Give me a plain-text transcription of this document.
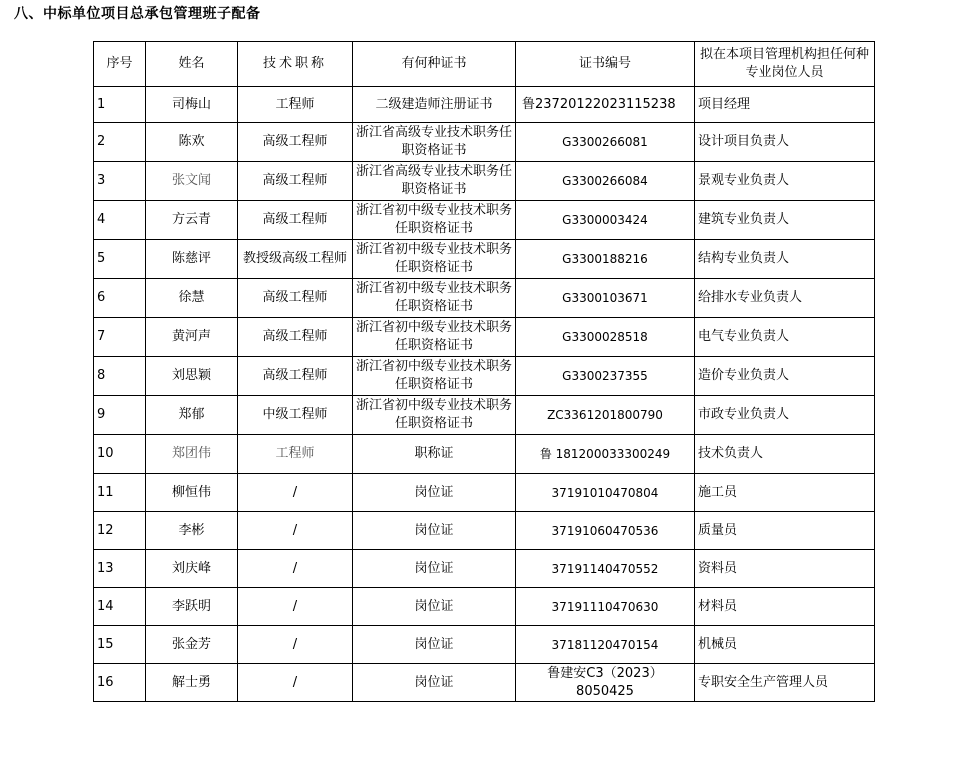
八、中标单位项目总承包管理班子配备
序号	姓名	技术职称	有何种证书	证书编号	拟在本项目管理机构担任何种专业岗位人员
1	司梅山	工程师	二级建造师注册证书	鲁23720122023115238	项目经理
2	陈欢	高级工程师	浙江省高级专业技术职务任职资格证书	G3300266081	设计项目负责人
3	张文闻	高级工程师	浙江省高级专业技术职务任职资格证书	G3300266084	景观专业负责人
4	方云青	高级工程师	浙江省初中级专业技术职务任职资格证书	G3300003424	建筑专业负责人
5	陈慈评	教授级高级工程师	浙江省初中级专业技术职务任职资格证书	G3300188216	结构专业负责人
6	徐慧	高级工程师	浙江省初中级专业技术职务任职资格证书	G3300103671	给排水专业负责人
7	黄河声	高级工程师	浙江省初中级专业技术职务任职资格证书	G3300028518	电气专业负责人
8	刘思颖	高级工程师	浙江省初中级专业技术职务任职资格证书	G3300237355	造价专业负责人
9	郑郁	中级工程师	浙江省初中级专业技术职务任职资格证书	ZC3361201800790	市政专业负责人
10	郑团伟	工程师	职称证	鲁 181200033300249	技术负责人
11	柳恒伟	/	岗位证	37191010470804	施工员
12	李彬	/	岗位证	37191060470536	质量员
13	刘庆峰	/	岗位证	37191140470552	资料员
14	李跃明	/	岗位证	37191110470630	材料员
15	张金芳	/	岗位证	37181120470154	机械员
16	解士勇	/	岗位证	鲁建安C3（2023）8050425	专职安全生产管理人员
